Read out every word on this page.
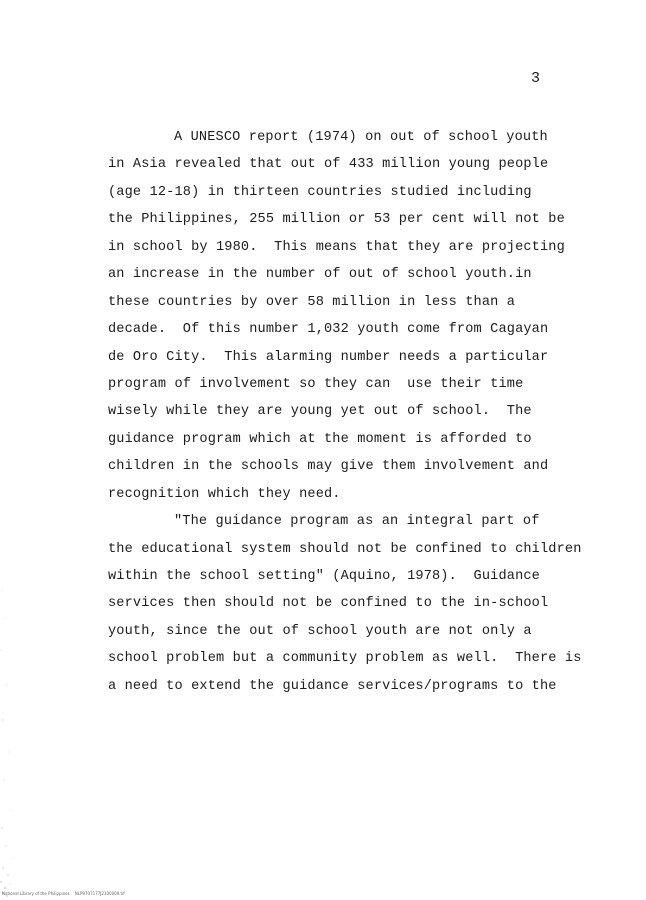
3
A UNESCO report (1974) on out of school youth
in Asia revealed that out of 433 million young people
(age 12-18) in thirteen countries studied including
the Philippines, 255 million or 53 per cent will not be
in school by 1980.  This means that they are projecting
an increase in the number of out of school youth.in
these countries by over 58 million in less than a
decade.  Of this number 1,032 youth come from Cagayan
de Oro City.  This alarming number needs a particular
program of involvement so they can  use their time
wisely while they are young yet out of school.  The
guidance program which at the moment is afforded to
children in the schools may give them involvement and
recognition which they need.
"The guidance program as an integral part of
the educational system should not be confined to children
within the school setting" (Aquino, 1978).  Guidance
services then should not be confined to the in-school
youth, since the out of school youth are not only a
school problem but a community problem as well.  There is
a need to extend the guidance services/programs to the
National Library of the Philippines    NLP9707177J2100009.tif
